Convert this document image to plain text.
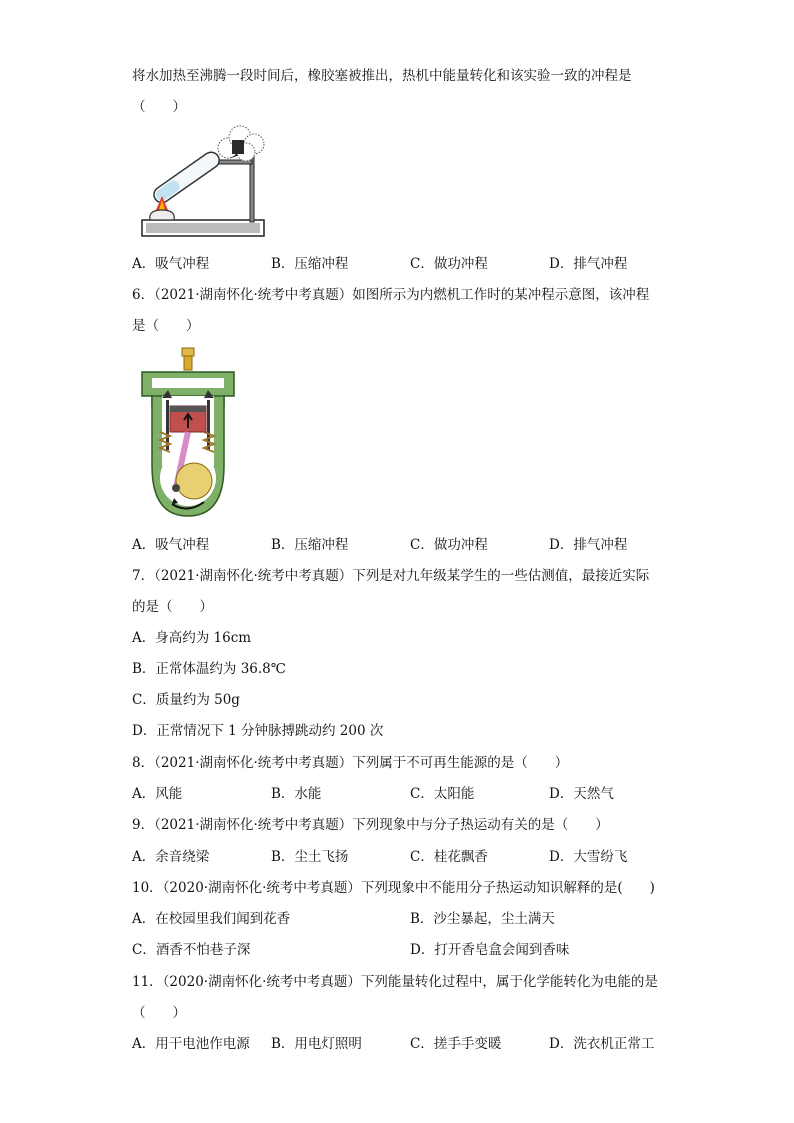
将水加热至沸腾一段时间后，橡胶塞被推出，热机中能量转化和该实验一致的冲程是
（　　）
A．吸气冲程	B．压缩冲程	C．做功冲程	D．排气冲程
6．（2021·湖南怀化·统考中考真题）如图所示为内燃机工作时的某冲程示意图，该冲程
是（　　）
A．吸气冲程	B．压缩冲程	C．做功冲程	D．排气冲程
7．（2021·湖南怀化·统考中考真题）下列是对九年级某学生的一些估测值，最接近实际
的是（　　）
A．身高约为 16cm
B．正常体温约为 36.8℃
C．质量约为 50g
D．正常情况下 1 分钟脉搏跳动约 200 次
8．（2021·湖南怀化·统考中考真题）下列属于不可再生能源的是（　　）
A．风能	B．水能	C．太阳能	D．天然气
9．（2021·湖南怀化·统考中考真题）下列现象中与分子热运动有关的是（　　）
A．余音绕梁	B．尘土飞扬	C．桂花飘香	D．大雪纷飞
10．（2020·湖南怀化·统考中考真题）下列现象中不能用分子热运动知识解释的是(　　)
A．在校园里我们闻到花香	B．沙尘暴起，尘土满天
C．酒香不怕巷子深	D．打开香皂盒会闻到香味
11．（2020·湖南怀化·统考中考真题）下列能量转化过程中，属于化学能转化为电能的是
（　　）
A．用干电池作电源 B．用电灯照明	C．搓手手变暖	D．洗衣机正常工
